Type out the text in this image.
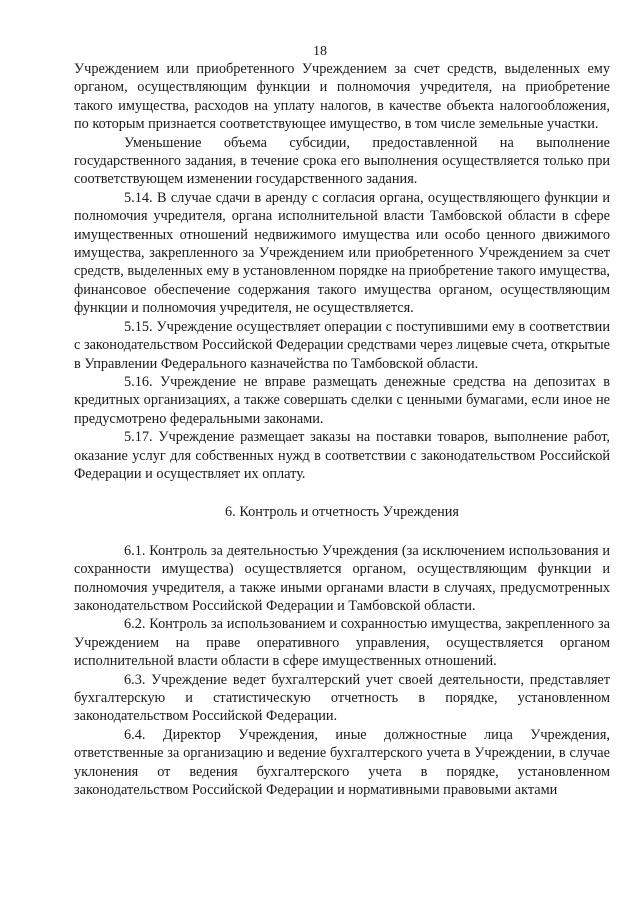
18

Учреждением или приобретенного Учреждением за счет средств, выделенных ему органом, осуществляющим функции и полномочия учредителя, на приобретение такого имущества, расходов на уплату налогов, в качестве объекта налогообложения, по которым признается соответствующее имущество, в том числе земельные участки.

Уменьшение объема субсидии, предоставленной на выполнение государственного задания, в течение срока его выполнения осуществляется только при соответствующем изменении государственного задания.

5.14. В случае сдачи в аренду с согласия органа, осуществляющего функции и полномочия учредителя, органа исполнительной власти Тамбовской области в сфере имущественных отношений недвижимого имущества или особо ценного движимого имущества, закрепленного за Учреждением или приобретенного Учреждением за счет средств, выделенных ему в установленном порядке на приобретение такого имущества, финансовое обеспечение содержания такого имущества органом, осуществляющим функции и полномочия учредителя, не осуществляется.

5.15. Учреждение осуществляет операции с поступившими ему в соответствии с законодательством Российской Федерации средствами через лицевые счета, открытые в Управлении Федерального казначейства по Тамбовской области.

5.16. Учреждение не вправе размещать денежные средства на депозитах в кредитных организациях, а также совершать сделки с ценными бумагами, если иное не предусмотрено федеральными законами.

5.17. Учреждение размещает заказы на поставки товаров, выполнение работ, оказание услуг для собственных нужд в соответствии с законодательством Российской Федерации и осуществляет их оплату.

6. Контроль и отчетность Учреждения

6.1. Контроль за деятельностью Учреждения (за исключением использования и сохранности имущества) осуществляется органом, осуществляющим функции и полномочия учредителя, а также иными органами власти в случаях, предусмотренных законодательством Российской Федерации и Тамбовской области.

6.2. Контроль за использованием и сохранностью имущества, закрепленного за Учреждением на праве оперативного управления, осуществляется органом исполнительной власти области в сфере имущественных отношений.

6.3. Учреждение ведет бухгалтерский учет своей деятельности, представляет бухгалтерскую и статистическую отчетность в порядке, установленном законодательством Российской Федерации.

6.4. Директор Учреждения, иные должностные лица Учреждения, ответственные за организацию и ведение бухгалтерского учета в Учреждении, в случае уклонения от ведения бухгалтерского учета в порядке, установленном законодательством Российской Федерации и нормативными правовыми актами
